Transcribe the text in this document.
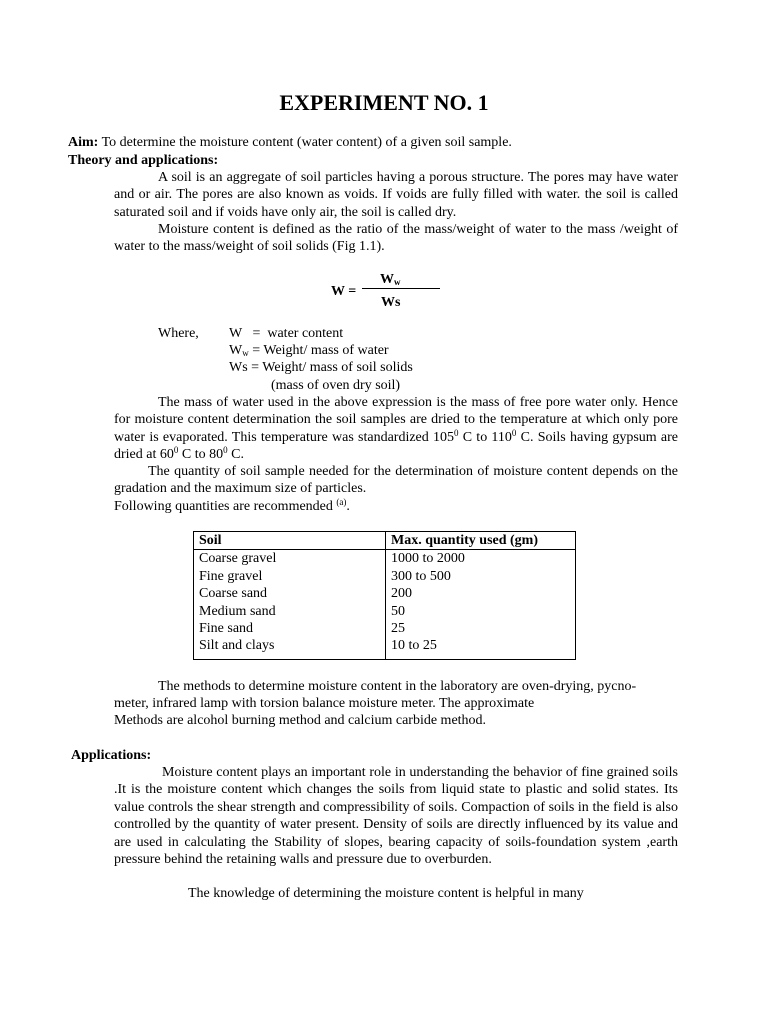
EXPERIMENT NO. 1
Aim: To determine the moisture content (water content) of a given soil sample.
Theory and applications:

A soil is an aggregate of soil particles having a porous structure. The pores may have water and or air. The pores are also known as voids. If voids are fully filled with water. the soil is called saturated soil and if voids have only air, the soil is called dry.

Moisture content is defined as the ratio of the mass/weight of water to the mass /weight of water to the mass/weight of soil solids (Fig 1.1).

W =
$W_w$
Ws
Where, W   =  water content
$W_w$ = Weight/ mass of water
Ws = Weight/ mass of soil solids
(mass of oven dry soil)

The mass of water used in the above expression is the mass of free pore water only. Hence for moisture content determination the soil samples are dried to the temperature at which only pore water is evaporated. This temperature was standardized $105^0$ C to $110^0$ C. Soils having gypsum are dried at $60^0$ C to $80^0$ C.

The quantity of soil sample needed for the determination of moisture content depends on the gradation and the maximum size of particles.

Following quantities are recommended $^{(a)}$.
Soil	Max. quantity used (gm)
Coarse gravel	1000 to 2000
Fine gravel	300 to 500
Coarse sand	200
Medium sand	50
Fine sand	25
Silt and clays	10 to 25
The methods to determine moisture content in the laboratory are oven-drying, pycno-
meter, infrared lamp with torsion balance moisture meter. The approximate
Methods are alcohol burning method and calcium carbide method.
Applications:

Moisture content plays an important role in understanding the behavior of fine grained soils .It is the moisture content which changes the soils from liquid state to plastic and solid states. Its value controls the shear strength and compressibility of soils. Compaction of soils in the field is also controlled by the quantity of water present. Density of soils are directly influenced by its value and are used in calculating the Stability of slopes, bearing capacity of soils-foundation system ,earth pressure behind the retaining walls and pressure due to overburden.

The knowledge of determining the moisture content is helpful in many
